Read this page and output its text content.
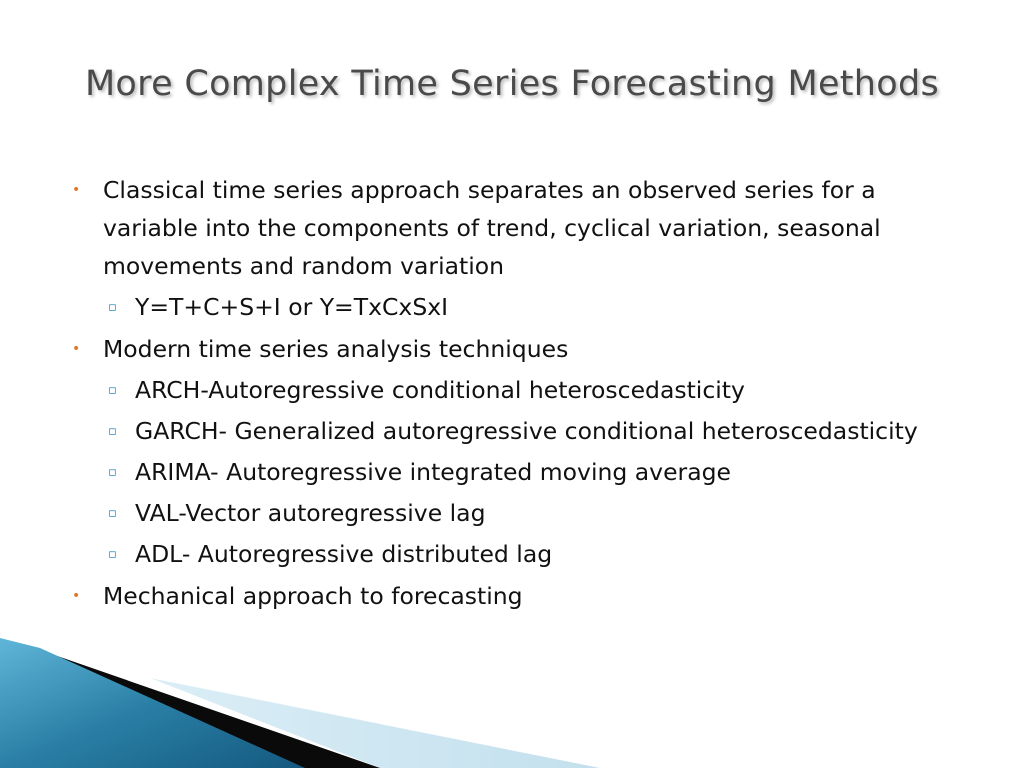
More Complex Time Series Forecasting Methods
• Classical time series approach separates an observed series for a variable into the components of trend, cyclical variation, seasonal movements and random variation
▫ Y=T+C+S+I or Y=TxCxSxI
• Modern time series analysis techniques
▫ ARCH-Autoregressive conditional heteroscedasticity
▫ GARCH- Generalized autoregressive conditional heteroscedasticity
▫ ARIMA- Autoregressive integrated moving average
▫ VAL-Vector autoregressive lag
▫ ADL- Autoregressive distributed lag
• Mechanical approach to forecasting
